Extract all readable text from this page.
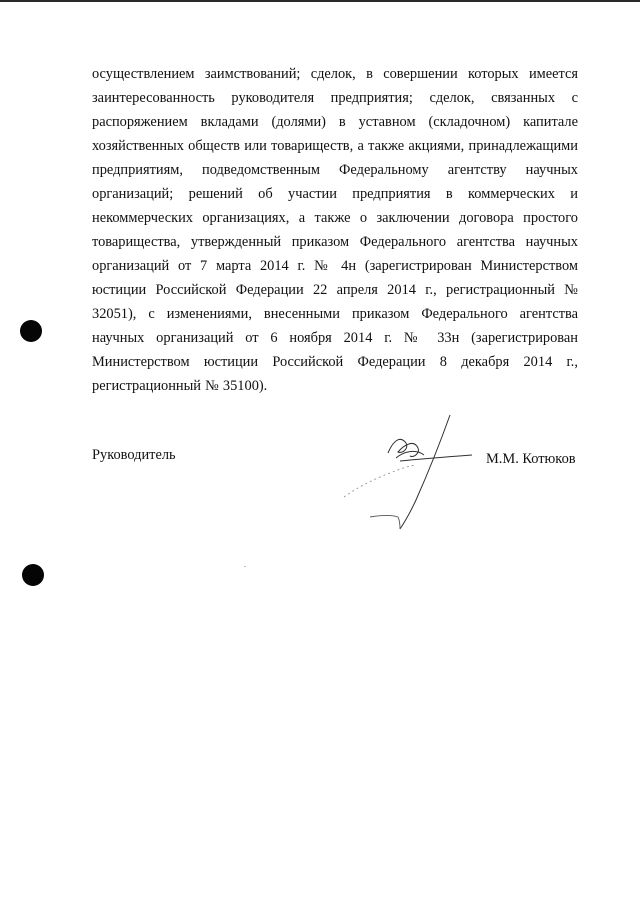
осуществлением заимствований; сделок, в совершении которых имеется заинтересованность руководителя предприятия; сделок, связанных с распоряжением вкладами (долями) в уставном (складочном) капитале хозяйственных обществ или товариществ, а также акциями, принадлежащими предприятиям, подведомственным Федеральному агентству научных организаций; решений об участии предприятия в коммерческих и некоммерческих организациях, а также о заключении договора простого товарищества, утвержденный приказом Федерального агентства научных организаций от 7 марта 2014 г. № 4н (зарегистрирован Министерством юстиции Российской Федерации 22 апреля 2014 г., регистрационный № 32051), с изменениями, внесенными приказом Федерального агентства научных организаций от 6 ноября 2014 г. № 33н (зарегистрирован Министерством юстиции Российской Федерации 8 декабря 2014 г., регистрационный № 35100).

Руководитель	М.М. Котюков
